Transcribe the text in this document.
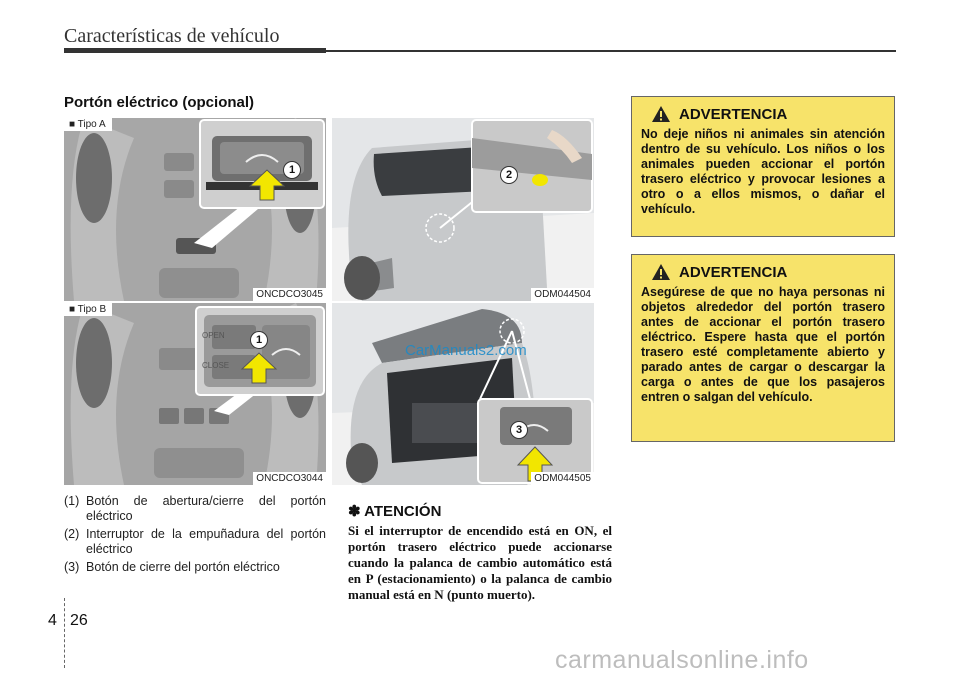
Características de vehículo
Portón eléctrico (opcional)
■ Tipo A
1
ONCDCO3045
■ Tipo B
OPEN
CLOSE
1
ONCDCO3044
2
ODM044504
3
ODM044505
CarManuals2.com
(1) Botón de abertura/cierre del portón eléctrico
(2) Interruptor de la empuñadura del portón eléctrico
(3) Botón de cierre del portón eléctrico
✽ ATENCIÓN
Si el interruptor de encendido está en ON, el portón trasero eléctrico puede accionarse cuando la palanca de cambio automático está en P (estacionamiento) o la palanca de cambio manual está en N (punto muerto).
ADVERTENCIA
No deje niños ni animales sin atención dentro de su vehículo. Los niños o los animales pueden accionar el portón trasero eléctrico y provocar lesiones a otro o a ellos mismos, o dañar el vehículo.
ADVERTENCIA
Asegúrese de que no haya personas ni objetos alrededor del portón trasero antes de accionar el portón trasero eléctrico. Espere hasta que el portón trasero esté completamente abierto y parado antes de cargar o descargar la carga o antes de que los pasajeros entren o salgan del vehículo.
4 26
carmanualsonline.info
